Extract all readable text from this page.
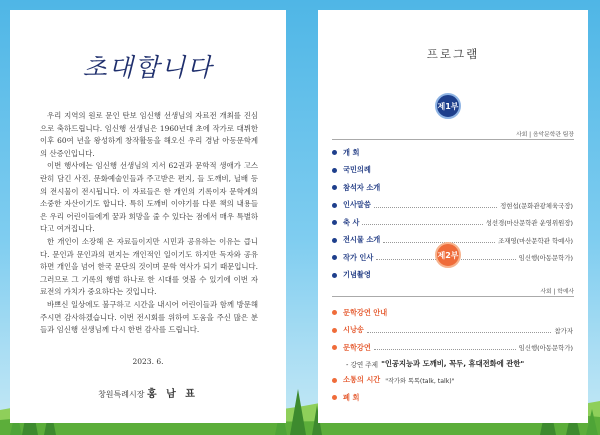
초대합니다

우리 지역의 원로 문인 탄보 임신행 선생님의 자료전 개최를 진심으로 축하드립니다. 임신행 선생님은 1960년대 초에 작가로 대뷔한 이후 60여 년을 왕성하게 창작활동을 해오신 우리 경남 아동문학계의 산증인입니다.

이번 행사에는 임신행 선생님의 지서 62권과 문학적 생애가 고스란히 담긴 사진, 문화예술인들과 주고받은 편지, 들 도깨비, 닐배 등의 전시물이 전시됩니다. 이 자료들은 한 개인의 기록이자 문학계의 소중한 자산이기도 합니다. 특히 도깨비 이야기를 다룬 책의 내용들은 우리 어린이들에게 꿈과 희망을 줄 수 있다는 점에서 매우 특별하다고 여겨집니다.

한 개인이 소장해 온 자료들이지만 시민과 공유하는 이유는 큽니다. 문인과 문인과의 편지는 개인적인 일이기도 하지만 독자와 공유하면 개인을 넘어 한국 문단의 것이며 문학 역사가 되기 때문입니다. 그러므로 그 기록의 행범 하나로 한 시대를 엿볼 수 있기에 이번 자료전의 가치가 중요하다는 것입니다.

바쁘신 일상에도 불구하고 시간을 내시어 어린이들과 함께 방문해 주시면 감사하겠습니다. 이번 전시회를 위하여 도움을 주신 많은 분들과 임신행 선생님께 다시 한번 감사를 드립니다.

2023. 6.
창원특례시장 홍 남 표
프로그램
제1부
사회 | 음악문학관 팀장
개 회
국민의례
참석자 소개
인사말씀	정현섭(문화관광체육국장)
축 사	성선경(마산문학관 운영위원장)
전시물 소개	조재영(마산문학관 학예사)
작가 인사	임신행(아동문학가)
기념촬영
제2부
사회 | 학예사
문학강연 안내
시낭송	참가자
문학강연	임신행(아동문학가)
- 강연 주제 "인공지능과 도깨비, 꼭두, 휴대전화에 관한"
소통의 시간 "작가와 톡톡(talk, talk)"
폐 회
